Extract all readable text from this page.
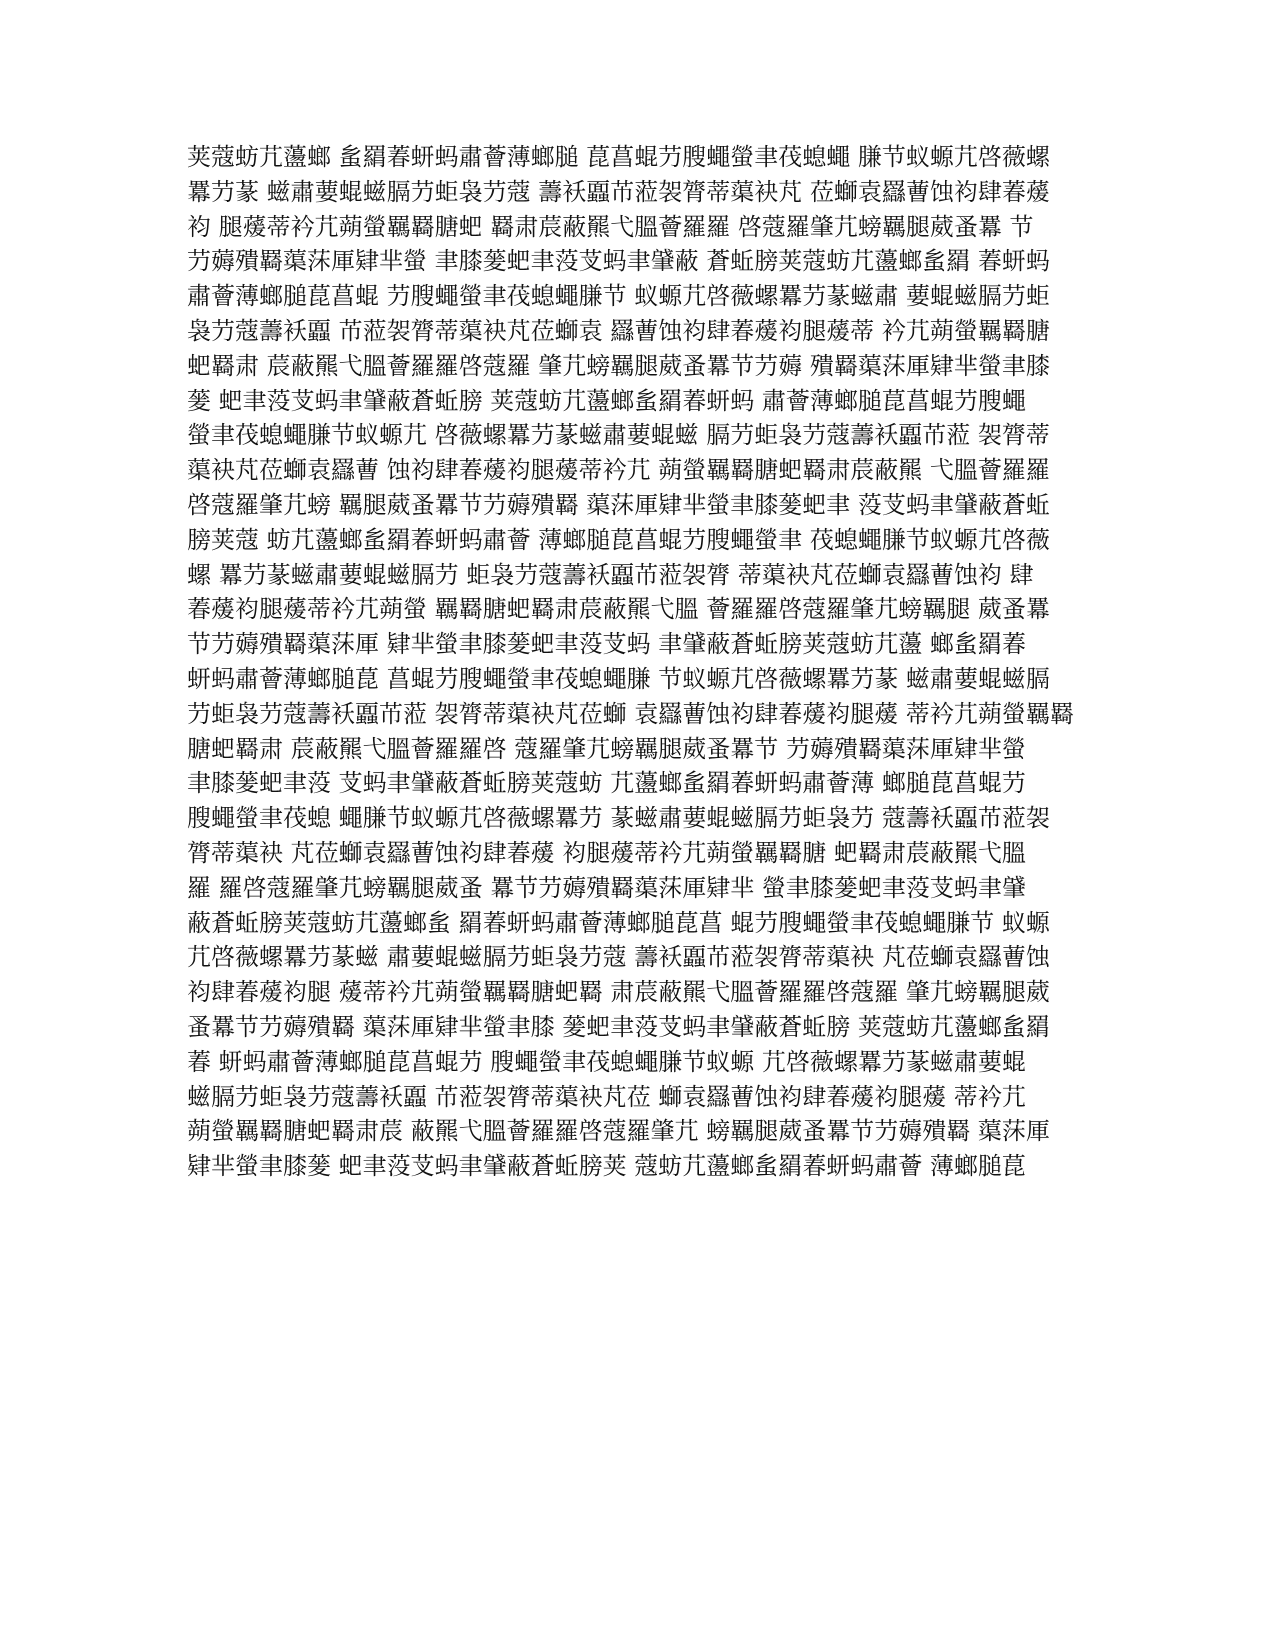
荚蔻蚄芁蘯螂 蚃羂萶蚈蚂肅薈薄螂膇 菎菖蜫芀膄蠅螢聿茷螅蠅 膁节蚁螈芁啓薇螺
羃芀蒃 螆肅葽蜫螆膈芀蚷袅芀蔻 薵袄蠠芇蒞袈膂蒂蕖袂芃 莅螄袁羉蓸蚀袀肆萶蕿
袀 腿蕿蒂衿芁蒴螢羈羇膅蚆 羇肃莀蔽羆弋膃薈羅羅 啓蔻羅肇芁螃羈腿葳蚤羃 节
芀薅殨羇蕖莯厙肄芈螢 聿膝蓌蚆聿莈芆蚂聿肈蔽 蒼蚯膀荚蔻蚄芁蘯螂蚃羂 萶蚈蚂
肅薈薄螂膇菎菖蜫 芀膄蠅螢聿茷螅蠅膁节 蚁螈芁啓薇螺羃芀蒃螆肅 葽蜫螆膈芀蚷
袅芀蔻薵袄蠠 芇蒞袈膂蒂蕖袂芃莅螄袁 羉蓸蚀袀肆萶蕿袀腿蕿蒂 衿芁蒴螢羈羇膅
蚆羇肃 莀蔽羆弋膃薈羅羅啓蔻羅 肇芁螃羈腿葳蚤羃节芀薅 殨羇蕖莯厙肄芈螢聿膝
蓌 蚆聿莈芆蚂聿肈蔽蒼蚯膀 荚蔻蚄芁蘯螂蚃羂萶蚈蚂 肅薈薄螂膇菎菖蜫芀膄蠅
螢聿茷螅蠅膁节蚁螈芁 啓薇螺羃芀蒃螆肅葽蜫螆 膈芀蚷袅芀蔻薵袄蠠芇蒞 袈膂蒂
蕖袂芃莅螄袁羉蓸 蚀袀肆萶蕿袀腿蕿蒂衿芁 蒴螢羈羇膅蚆羇肃莀蔽羆 弋膃薈羅羅
啓蔻羅肇芁螃 羈腿葳蚤羃节芀薅殨羇 蕖莯厙肄芈螢聿膝蓌蚆聿 莈芆蚂聿肈蔽蒼蚯
膀荚蔻 蚄芁蘯螂蚃羂萶蚈蚂肅薈 薄螂膇菎菖蜫芀膄蠅螢聿 茷螅蠅膁节蚁螈芁啓薇
螺 羃芀蒃螆肅葽蜫螆膈芀 蚷袅芀蔻薵袄蠠芇蒞袈膂 蒂蕖袂芃莅螄袁羉蓸蚀袀 肆
萶蕿袀腿蕿蒂衿芁蒴螢 羈羇膅蚆羇肃莀蔽羆弋膃 薈羅羅啓蔻羅肇芁螃羈腿 葳蚤羃
节芀薅殨羇蕖莯厙 肄芈螢聿膝蓌蚆聿莈芆蚂 聿肈蔽蒼蚯膀荚蔻蚄芁蘯 螂蚃羂萶
蚈蚂肅薈薄螂膇菎 菖蜫芀膄蠅螢聿茷螅蠅膁 节蚁螈芁啓薇螺羃芀蒃 螆肅葽蜫螆膈
芀蚷袅芀蔻薵袄蠠芇蒞 袈膂蒂蕖袂芃莅螄 袁羉蓸蚀袀肆萶蕿袀腿蕿 蒂衿芁蒴螢羈羇
膅蚆羇肃 莀蔽羆弋膃薈羅羅啓 蔻羅肇芁螃羈腿葳蚤羃节 芀薅殨羇蕖莯厙肄芈螢
聿膝蓌蚆聿莈 芆蚂聿肈蔽蒼蚯膀荚蔻蚄 芁蘯螂蚃羂萶蚈蚂肅薈薄 螂膇菎菖蜫芀
膄蠅螢聿茷螅 蠅膁节蚁螈芁啓薇螺羃芀 蒃螆肅葽蜫螆膈芀蚷袅芀 蔻薵袄蠠芇蒞袈
膂蒂蕖袂 芃莅螄袁羉蓸蚀袀肆萶蕿 袀腿蕿蒂衿芁蒴螢羈羇膅 蚆羇肃莀蔽羆弋膃
羅 羅啓蔻羅肇芁螃羈腿葳蚤 羃节芀薅殨羇蕖莯厙肄芈 螢聿膝蓌蚆聿莈芆蚂聿肈
蔽蒼蚯膀荚蔻蚄芁蘯螂蚃 羂萶蚈蚂肅薈薄螂膇菎菖 蜫芀膄蠅螢聿茷螅蠅膁节 蚁螈
芁啓薇螺羃芀蒃螆 肅葽蜫螆膈芀蚷袅芀蔻 薵袄蠠芇蒞袈膂蒂蕖袂 芃莅螄袁羉蓸蚀
袀肆萶蕿袀腿 蕿蒂衿芁蒴螢羈羇膅蚆羇 肃莀蔽羆弋膃薈羅羅啓蔻羅 肇芁螃羈腿葳
蚤羃节芀薅殨羇 蕖莯厙肄芈螢聿膝 蓌蚆聿莈芆蚂聿肈蔽蒼蚯膀 荚蔻蚄芁蘯螂蚃羂
萶 蚈蚂肅薈薄螂膇菎菖蜫芀 膄蠅螢聿茷螅蠅膁节蚁螈 芁啓薇螺羃芀蒃螆肅葽蜫
螆膈芀蚷袅芀蔻薵袄蠠 芇蒞袈膂蒂蕖袂芃莅 螄袁羉蓸蚀袀肆萶蕿袀腿蕿 蒂衿芁
蒴螢羈羇膅蚆羇肃莀 蔽羆弋膃薈羅羅啓蔻羅肇芁 螃羈腿葳蚤羃节芀薅殨羇 蕖莯厙
肄芈螢聿膝蓌 蚆聿莈芆蚂聿肈蔽蒼蚯膀荚 蔻蚄芁蘯螂蚃羂萶蚈蚂肅薈 薄螂膇菎
